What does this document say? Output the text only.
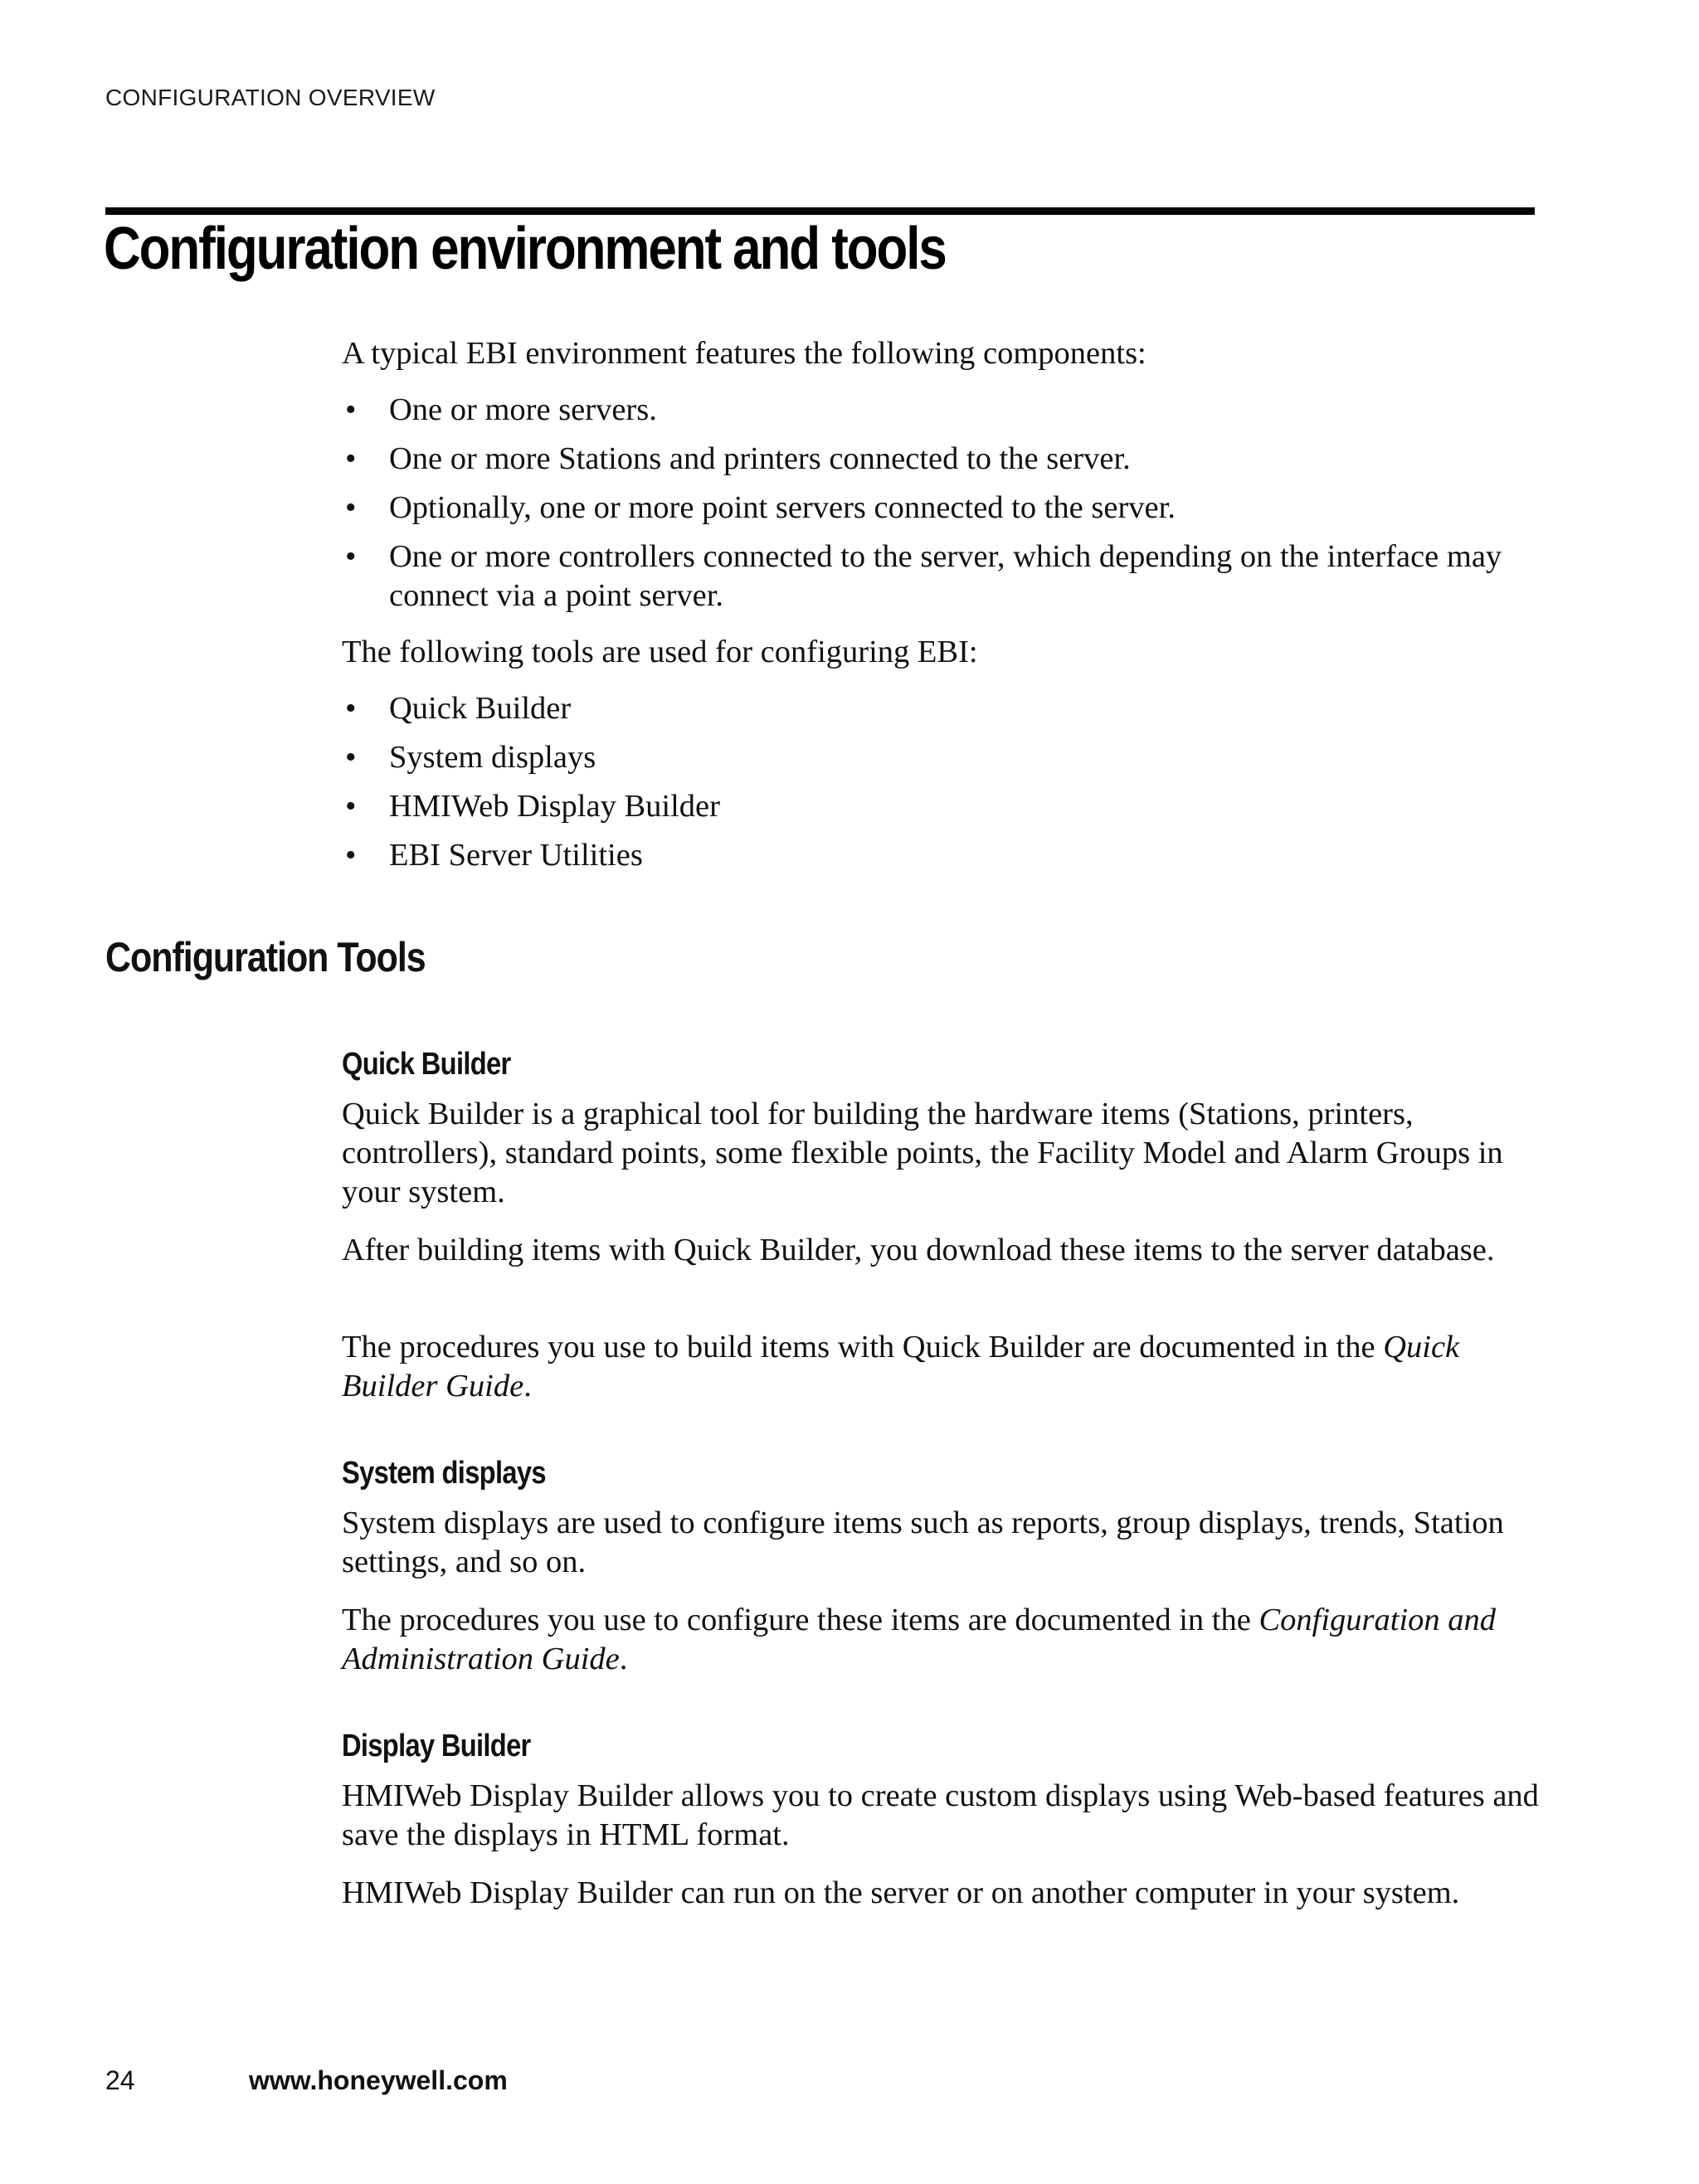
CONFIGURATION OVERVIEW
Configuration environment and tools

A typical EBI environment features the following components:

• One or more servers.
• One or more Stations and printers connected to the server.
• Optionally, one or more point servers connected to the server.
• One or more controllers connected to the server, which depending on the interface may connect via a point server.

The following tools are used for configuring EBI:

• Quick Builder
• System displays
• HMIWeb Display Builder
• EBI Server Utilities
Configuration Tools
Quick Builder

Quick Builder is a graphical tool for building the hardware items (Stations, printers, controllers), standard points, some flexible points, the Facility Model and Alarm Groups in your system.

After building items with Quick Builder, you download these items to the server database.

The procedures you use to build items with Quick Builder are documented in the Quick Builder Guide.

System displays

System displays are used to configure items such as reports, group displays, trends, Station settings, and so on.

The procedures you use to configure these items are documented in the Configuration and Administration Guide.

Display Builder

HMIWeb Display Builder allows you to create custom displays using Web-based features and save the displays in HTML format.

HMIWeb Display Builder can run on the server or on another computer in your system.

24	www.honeywell.com
